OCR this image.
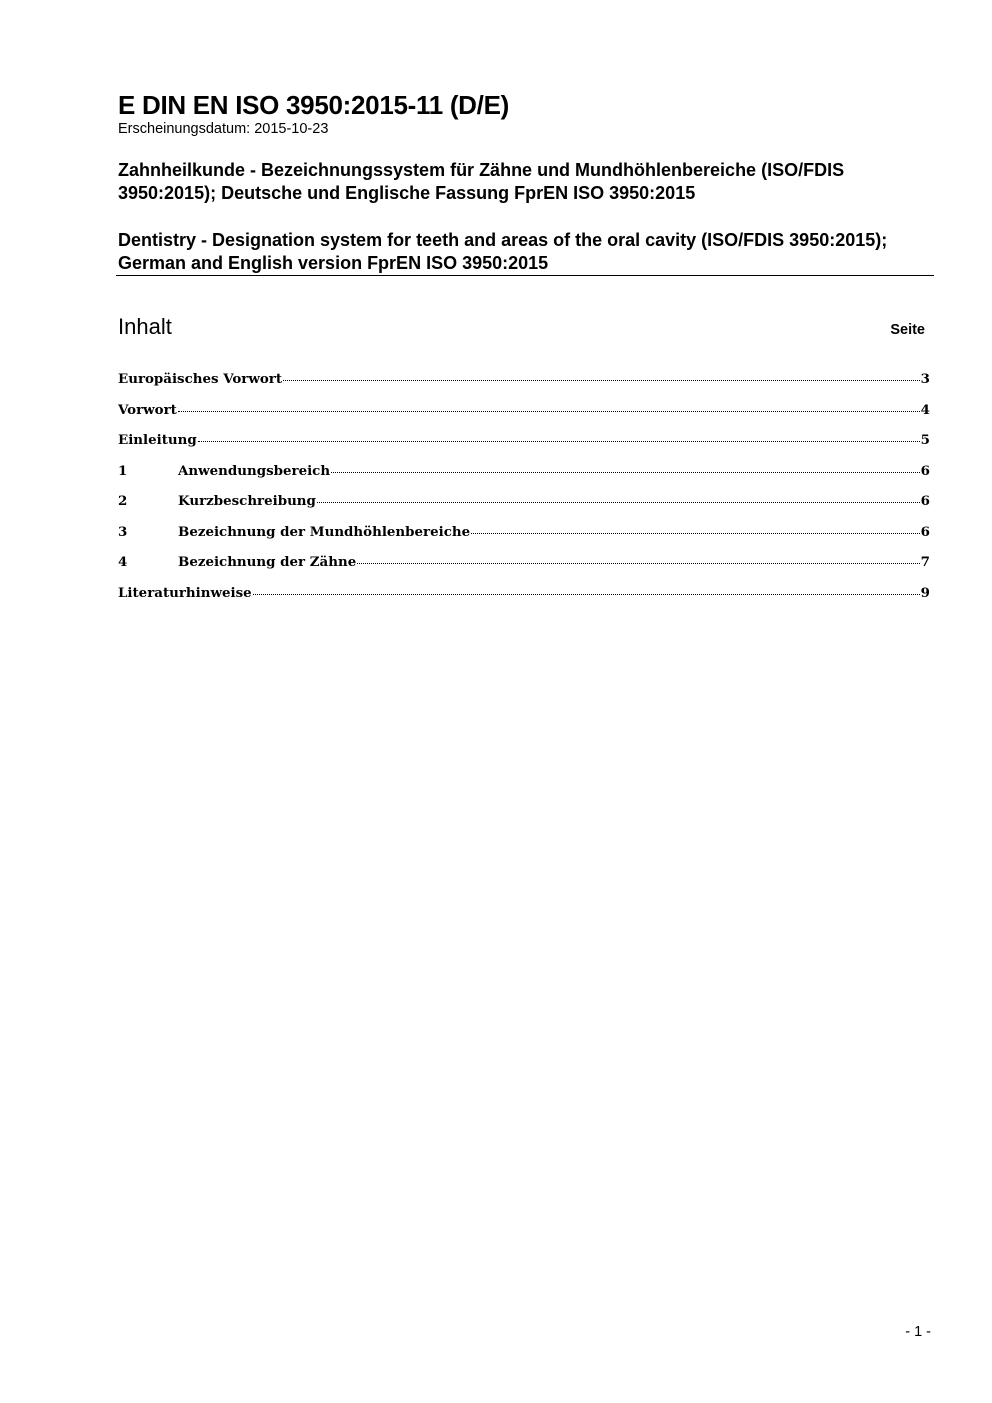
E DIN EN ISO 3950:2015-11 (D/E)
Erscheinungsdatum: 2015-10-23

Zahnheilkunde - Bezeichnungssystem für Zähne und Mundhöhlenbereiche (ISO/FDIS 3950:2015); Deutsche und Englische Fassung FprEN ISO 3950:2015

Dentistry - Designation system for teeth and areas of the oral cavity (ISO/FDIS 3950:2015); German and English version FprEN ISO 3950:2015

Inhalt	Seite
Europäisches Vorwort	3
Vorwort	4
Einleitung	5
1	Anwendungsbereich	6
2	Kurzbeschreibung	6
3	Bezeichnung der Mundhöhlenbereiche	6
4	Bezeichnung der Zähne	7
Literaturhinweise	9
- 1 -
